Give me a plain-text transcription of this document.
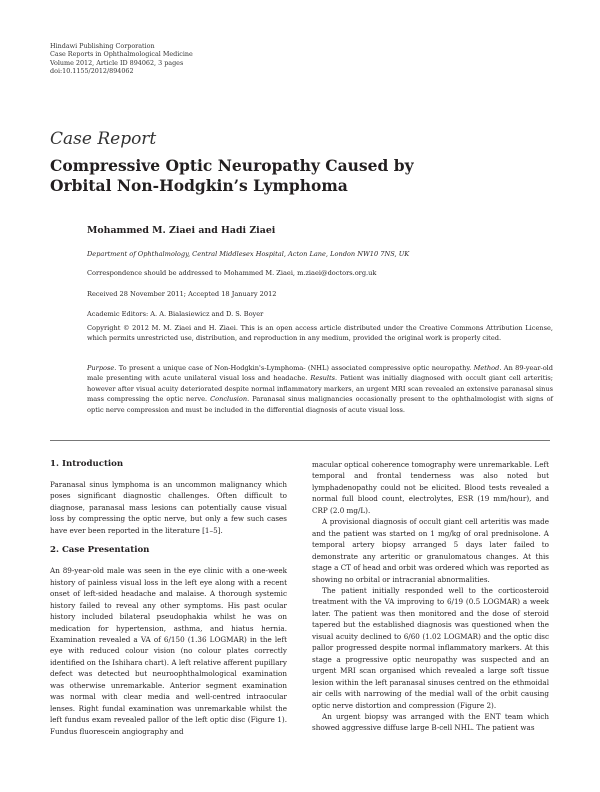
Hindawi Publishing Corporation
Case Reports in Ophthalmological Medicine
Volume 2012, Article ID 894062, 3 pages
doi:10.1155/2012/894062
Case Report
Compressive Optic Neuropathy Caused by
Orbital Non-Hodgkin’s Lymphoma
Mohammed M. Ziaei and Hadi Ziaei
Department of Ophthalmology, Central Middlesex Hospital, Acton Lane, London NW10 7NS, UK
Correspondence should be addressed to Mohammed M. Ziaei, m.ziaei@doctors.org.uk
Received 28 November 2011; Accepted 18 January 2012
Academic Editors: A. A. Bialasiewicz and D. S. Boyer
Copyright © 2012 M. M. Ziaei and H. Ziaei. This is an open access article distributed under the Creative Commons Attribution License, which permits unrestricted use, distribution, and reproduction in any medium, provided the original work is properly cited.
Purpose. To present a unique case of Non-Hodgkin's-Lymphoma- (NHL) associated compressive optic neuropathy. Method. An 89-year-old male presenting with acute unilateral visual loss and headache. Results. Patient was initially diagnosed with occult giant cell arteritis; however after visual acuity deteriorated despite normal inflammatory markers, an urgent MRI scan revealed an extensive paranasal sinus mass compressing the optic nerve. Conclusion. Paranasal sinus malignancies occasionally present to the ophthalmologist with signs of optic nerve compression and must be included in the differential diagnosis of acute visual loss.
1. Introduction

Paranasal sinus lymphoma is an uncommon malignancy which poses significant diagnostic challenges. Often difficult to diagnose, paranasal mass lesions can potentially cause visual loss by compressing the optic nerve, but only a few such cases have ever been reported in the literature [1–5].

2. Case Presentation

An 89-year-old male was seen in the eye clinic with a one-week history of painless visual loss in the left eye along with a recent onset of left-sided headache and malaise. A thorough systemic history failed to reveal any other symptoms. His past ocular history included bilateral pseudophakia whilst he was on medication for hypertension, asthma, and hiatus hernia. Examination revealed a VA of 6/150 (1.36 LOGMAR) in the left eye with reduced colour vision (no colour plates correctly identified on the Ishihara chart). A left relative afferent pupillary defect was detected but neuroophthalmological examination was otherwise unremarkable. Anterior segment examination was normal with clear media and well-centred intraocular lenses. Right fundal examination was unremarkable whilst the left fundus exam revealed pallor of the left optic disc (Figure 1). Fundus fluorescein angiography and

macular optical coherence tomography were unremarkable. Left temporal and frontal tenderness was also noted but lymphadenopathy could not be elicited. Blood tests revealed a normal full blood count, electrolytes, ESR (19 mm/hour), and CRP (2.0 mg/L).

A provisional diagnosis of occult giant cell arteritis was made and the patient was started on 1 mg/kg of oral prednisolone. A temporal artery biopsy arranged 5 days later failed to demonstrate any arteritic or granulomatous changes. At this stage a CT of head and orbit was ordered which was reported as showing no orbital or intracranial abnormalities.

The patient initially responded well to the corticosteroid treatment with the VA improving to 6/19 (0.5 LOGMAR) a week later. The patient was then monitored and the dose of steroid tapered but the established diagnosis was questioned when the visual acuity declined to 6/60 (1.02 LOGMAR) and the optic disc pallor progressed despite normal inflammatory markers. At this stage a progressive optic neuropathy was suspected and an urgent MRI scan organised which revealed a large soft tissue lesion within the left paranasal sinuses centred on the ethmoidal air cells with narrowing of the medial wall of the orbit causing optic nerve distortion and compression (Figure 2).

An urgent biopsy was arranged with the ENT team which showed aggressive diffuse large B-cell NHL. The patient was
